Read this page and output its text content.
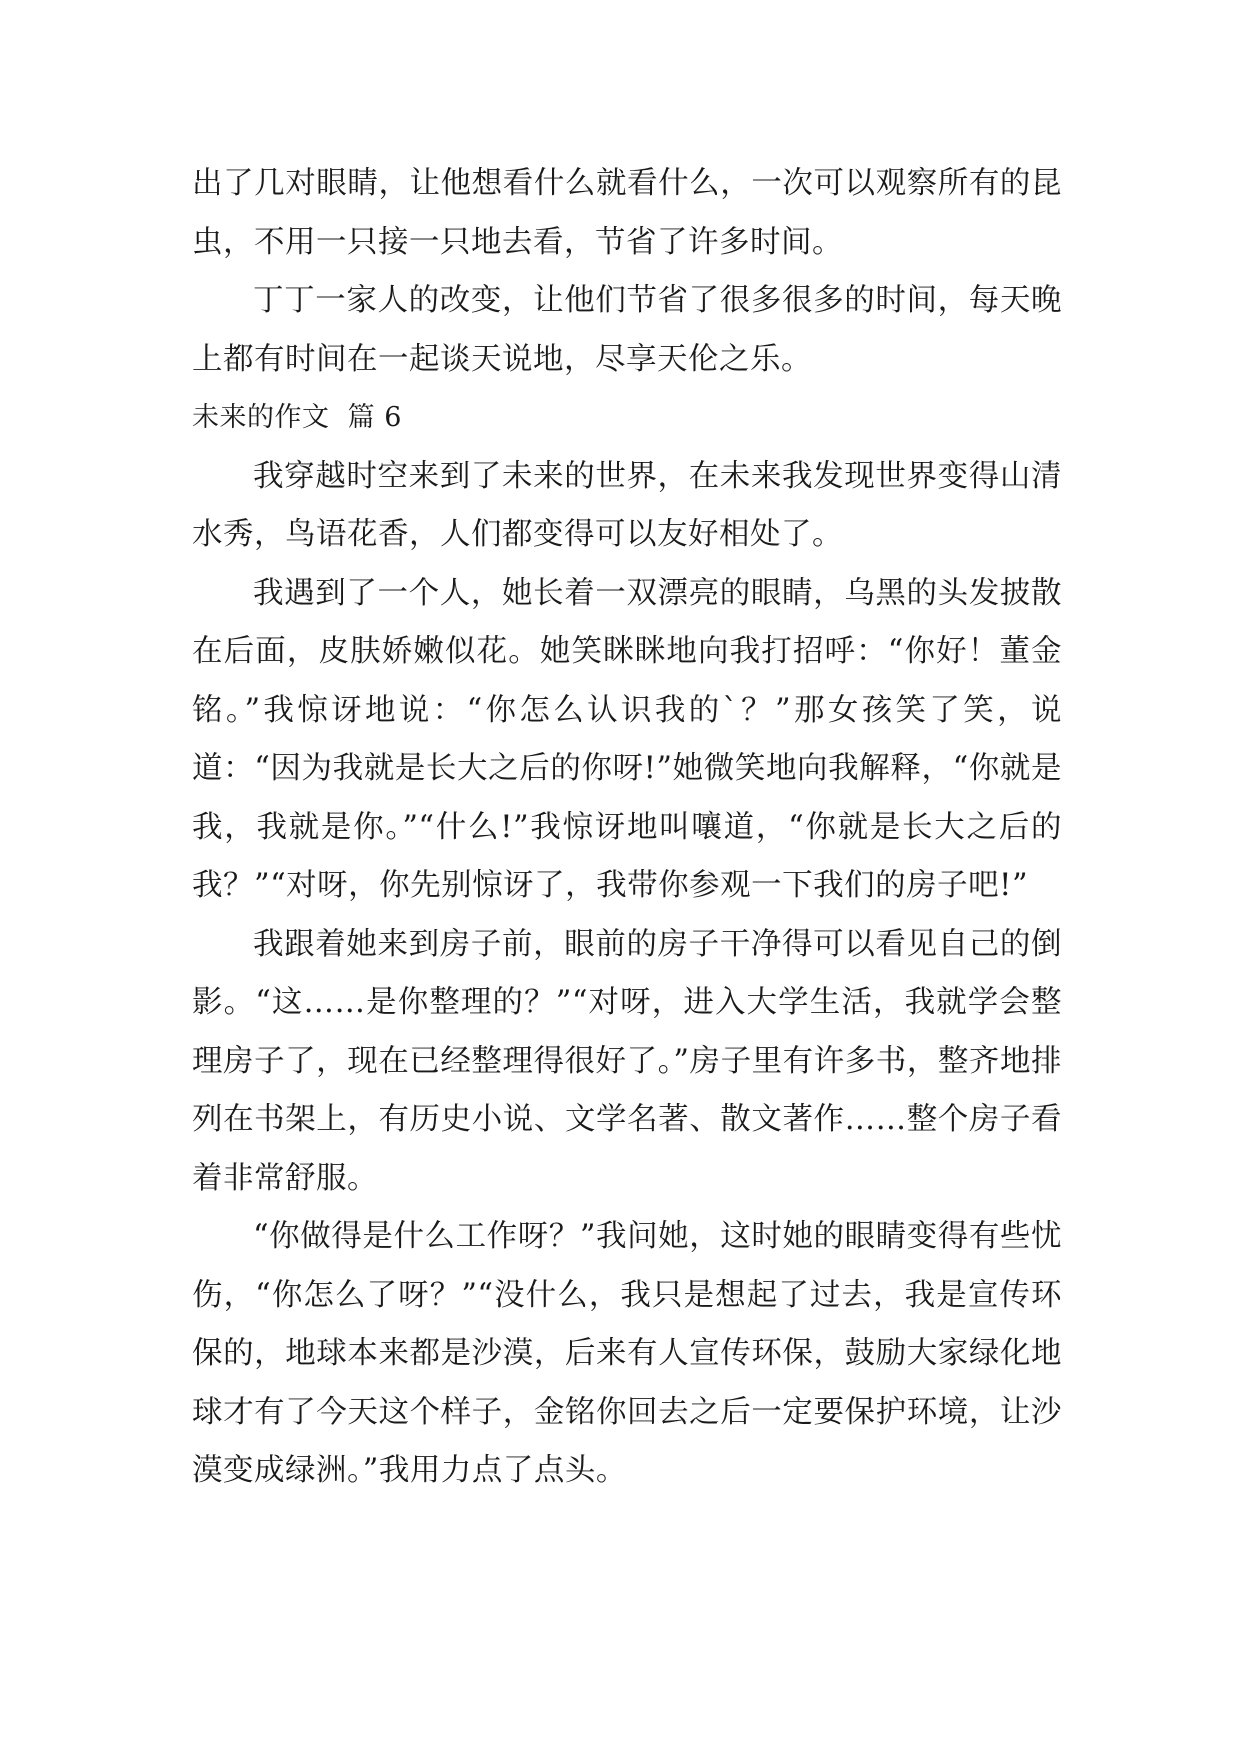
出了几对眼睛，让他想看什么就看什么，一次可以观察所有的昆虫，不用一只接一只地去看，节省了许多时间。

丁丁一家人的改变，让他们节省了很多很多的时间，每天晚上都有时间在一起谈天说地，尽享天伦之乐。

未来的作文  篇 6

我穿越时空来到了未来的世界，在未来我发现世界变得山清水秀，鸟语花香，人们都变得可以友好相处了。

我遇到了一个人，她长着一双漂亮的眼睛，乌黑的头发披散在后面，皮肤娇嫩似花。她笑眯眯地向我打招呼：“你好！董金铭。”我惊讶地说：“你怎么认识我的`？”那女孩笑了笑，说道：“因为我就是长大之后的你呀!”她微笑地向我解释，“你就是我，我就是你。”“什么!”我惊讶地叫嚷道，“你就是长大之后的我？”“对呀，你先别惊讶了，我带你参观一下我们的房子吧!”

我跟着她来到房子前，眼前的房子干净得可以看见自己的倒影。“这……是你整理的？”“对呀，进入大学生活，我就学会整理房子了，现在已经整理得很好了。”房子里有许多书，整齐地排列在书架上，有历史小说、文学名著、散文著作……整个房子看着非常舒服。

“你做得是什么工作呀？”我问她，这时她的眼睛变得有些忧伤，“你怎么了呀？”“没什么，我只是想起了过去，我是宣传环保的，地球本来都是沙漠，后来有人宣传环保，鼓励大家绿化地球才有了今天这个样子，金铭你回去之后一定要保护环境，让沙漠变成绿洲。”我用力点了点头。
